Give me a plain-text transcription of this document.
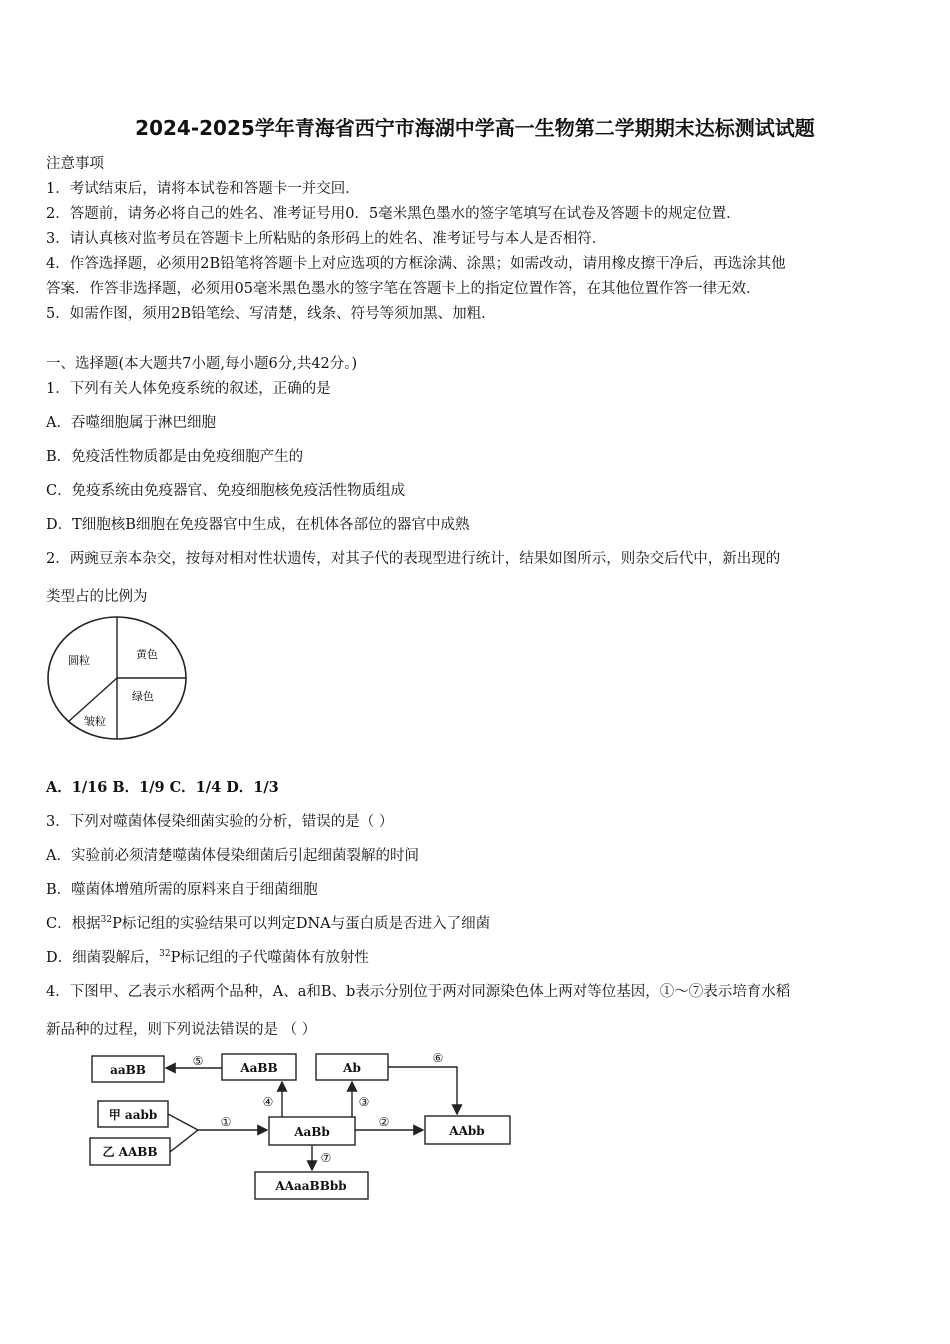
2024-2025学年青海省西宁市海湖中学高一生物第二学期期末达标测试试题
注意事项
1．考试结束后，请将本试卷和答题卡一并交回．
2．答题前，请务必将自己的姓名、准考证号用0．5毫米黑色墨水的签字笔填写在试卷及答题卡的规定位置．
3．请认真核对监考员在答题卡上所粘贴的条形码上的姓名、准考证号与本人是否相符．
4．作答选择题，必须用2B铅笔将答题卡上对应选项的方框涂满、涂黑；如需改动，请用橡皮擦干净后，再选涂其他
答案．作答非选择题，必须用05毫米黑色墨水的签字笔在答题卡上的指定位置作答，在其他位置作答一律无效．
5．如需作图，须用2B铅笔绘、写清楚，线条、符号等须加黑、加粗．
一、选择题(本大题共7小题,每小题6分,共42分。)
1．下列有关人体免疫系统的叙述，正确的是
A．吞噬细胞属于淋巴细胞
B．免疫活性物质都是由免疫细胞产生的
C．免疫系统由免疫器官、免疫细胞核免疫活性物质组成
D．T细胞核B细胞在免疫器官中生成，在机体各部位的器官中成熟
2．两豌豆亲本杂交，按每对相对性状遗传，对其子代的表现型进行统计，结果如图所示，则杂交后代中，新出现的
类型占的比例为
圆粒	黄色
绿色
皱粒
A．1/16 B．1/9 C．1/4 D．1/3
3．下列对噬菌体侵染细菌实验的分析，错误的是（ ）
A．实验前必须清楚噬菌体侵染细菌后引起细菌裂解的时间
B．噬菌体增殖所需的原料来自于细菌细胞
C．根据$^{32}$P标记组的实验结果可以判定DNA与蛋白质是否进入了细菌
D．细菌裂解后，$^{32}$P标记组的子代噬菌体有放射性
4．下图甲、乙表示水稻两个品种，A、a和B、b表示分别位于两对同源染色体上两对等位基因，①～⑦表示培育水稻
新品种的过程，则下列说法错误的是 （ ）
aaBB	AaBB	Ab
甲 aabb
乙 AABB
AaBb	AAbb
AAaaBBbb
①	②
③
④
⑤	⑥
⑦
